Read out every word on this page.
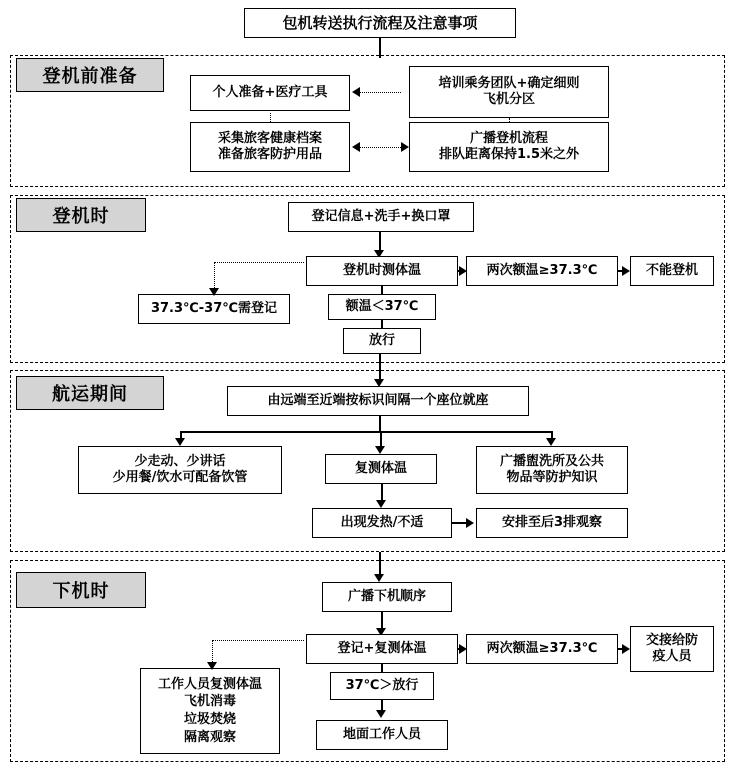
包机转送执行流程及注意事项
登机前准备
个人准备+医疗工具
培训乘务团队+确定细则
飞机分区
采集旅客健康档案
准备旅客防护用品
广播登机流程
排队距离保持1.5米之外
登机时	登记信息+洗手+换口罩
登机时测体温	两次额温≥37.3℃	不能登机
37.3℃-37℃需登记	额温＜37℃
放行
航运期间	由远端至近端按标识间隔一个座位就座
少走动、少讲话
少用餐/饮水可配备饮管
复测体温	广播盥洗所及公共
物品等防护知识
出现发热/不适	安排至后3排观察
下机时	广播下机顺序
登记+复测体温	两次额温≥37.3℃
交接给防
疫人员
工作人员复测体温
飞机消毒
垃圾焚烧
隔离观察
37℃＞放行
地面工作人员
